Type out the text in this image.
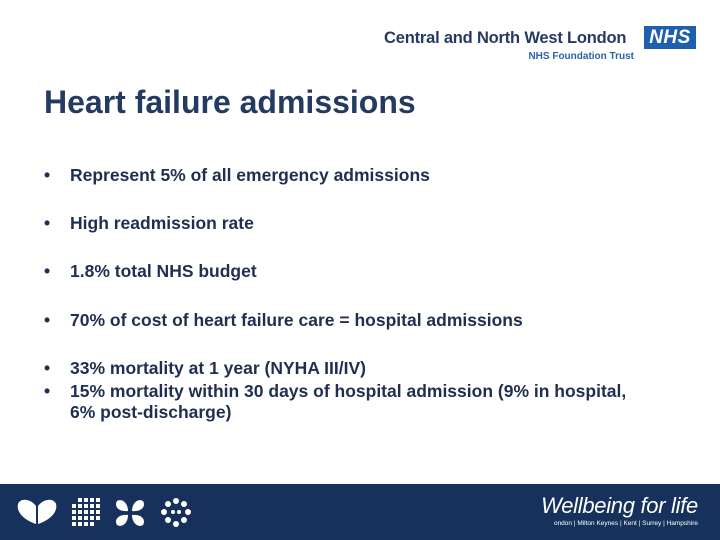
Central and North West London NHS
NHS Foundation Trust
Heart failure admissions
• Represent 5% of all emergency admissions
• High readmission rate
• 1.8% total NHS budget
• 70% of cost of heart failure care = hospital admissions
• 33% mortality at 1 year (NYHA III/IV)
• 15% mortality within 30 days of hospital admission (9% in hospital, 6% post-discharge)
Wellbeing for life
ondon | Milton Keynes | Kent | Surrey | Hampshire
